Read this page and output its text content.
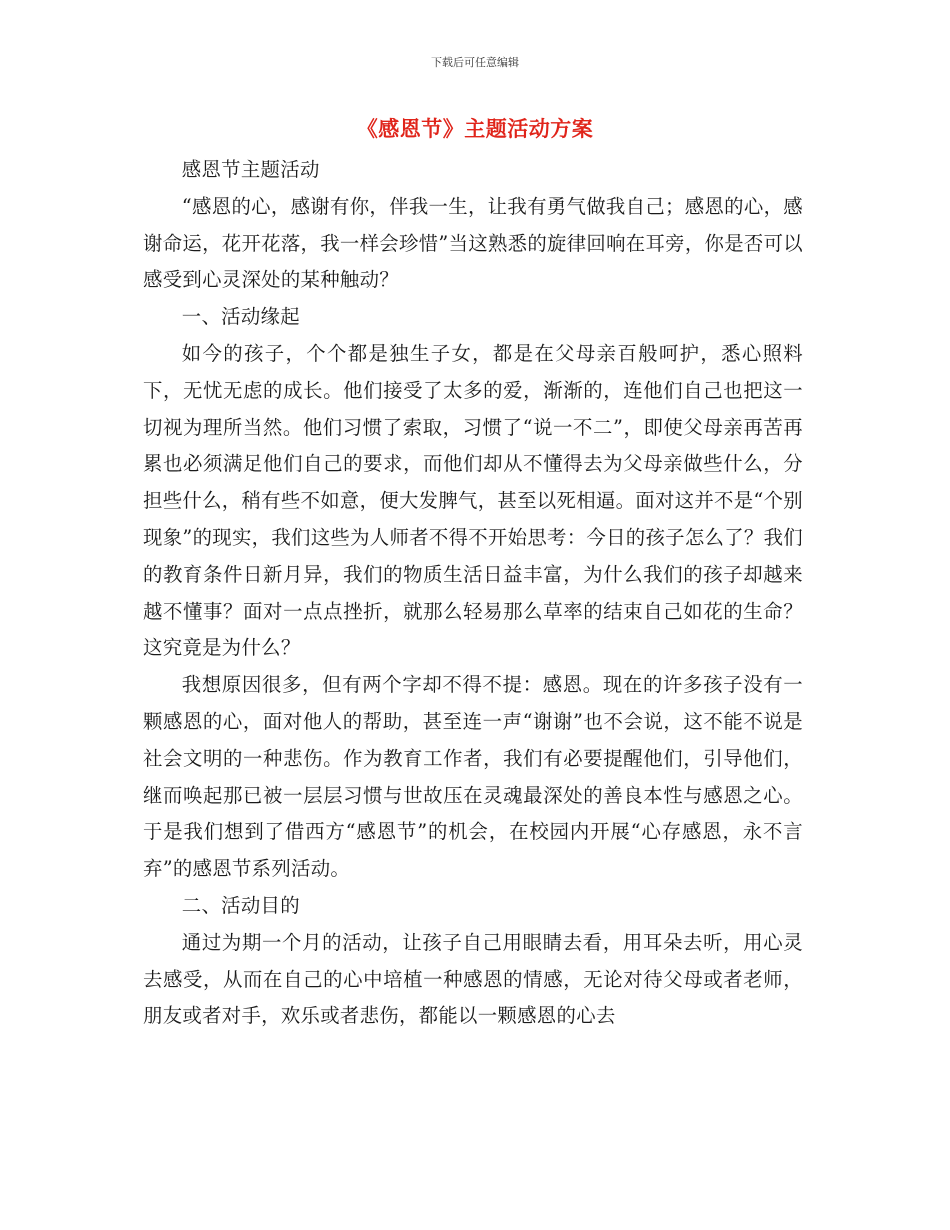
下载后可任意编辑
《感恩节》主题活动方案

感恩节主题活动

“感恩的心，感谢有你，伴我一生，让我有勇气做我自己；感恩的心，感谢命运，花开花落，我一样会珍惜”当这熟悉的旋律回响在耳旁，你是否可以感受到心灵深处的某种触动？

一、活动缘起

如今的孩子，个个都是独生子女，都是在父母亲百般呵护，悉心照料下，无忧无虑的成长。他们接受了太多的爱，渐渐的，连他们自己也把这一切视为理所当然。他们习惯了索取，习惯了“说一不二”，即使父母亲再苦再累也必须满足他们自己的要求，而他们却从不懂得去为父母亲做些什么，分担些什么，稍有些不如意，便大发脾气，甚至以死相逼。面对这并不是“个别现象”的现实，我们这些为人师者不得不开始思考：今日的孩子怎么了？我们的教育条件日新月异，我们的物质生活日益丰富，为什么我们的孩子却越来越不懂事？面对一点点挫折，就那么轻易那么草率的结束自己如花的生命？这究竟是为什么？

我想原因很多，但有两个字却不得不提：感恩。现在的许多孩子没有一颗感恩的心，面对他人的帮助，甚至连一声“谢谢”也不会说，这不能不说是社会文明的一种悲伤。作为教育工作者，我们有必要提醒他们，引导他们，继而唤起那已被一层层习惯与世故压在灵魂最深处的善良本性与感恩之心。于是我们想到了借西方“感恩节”的机会，在校园内开展“心存感恩，永不言弃”的感恩节系列活动。

二、活动目的

通过为期一个月的活动，让孩子自己用眼睛去看，用耳朵去听，用心灵去感受，从而在自己的心中培植一种感恩的情感，无论对待父母或者老师，朋友或者对手，欢乐或者悲伤，都能以一颗感恩的心去
